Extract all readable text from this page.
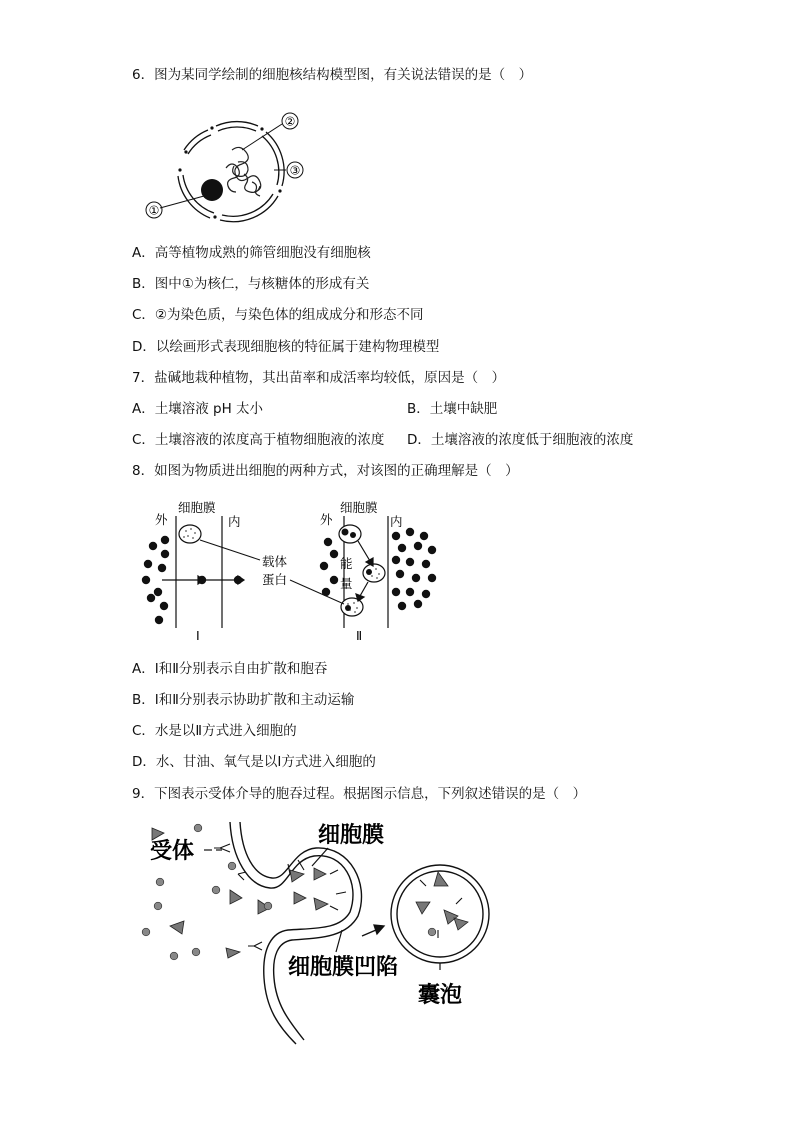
6．图为某同学绘制的细胞核结构模型图，有关说法错误的是（　）
①
②
③
A．高等植物成熟的筛管细胞没有细胞核
B．图中①为核仁，与核糖体的形成有关
C．②为染色质，与染色体的组成成分和形态不同
D．以绘画形式表现细胞核的特征属于建构物理模型
7．盐碱地栽种植物，其出苗率和成活率均较低，原因是（　）
A．土壤溶液 pH 太小	B．土壤中缺肥
C．土壤溶液的浓度高于植物细胞液的浓度 D．土壤溶液的浓度低于细胞液的浓度
8．如图为物质进出细胞的两种方式，对该图的正确理解是（　）
细胞膜
外	内
细胞膜
外	内
载体
蛋白
能
量
Ⅰ	Ⅱ
A．Ⅰ和Ⅱ分别表示自由扩散和胞吞
B．Ⅰ和Ⅱ分别表示协助扩散和主动运输
C．水是以Ⅱ方式进入细胞的
D．水、甘油、氧气是以Ⅰ方式进入细胞的
9．下图表示受体介导的胞吞过程。根据图示信息，下列叙述错误的是（　）
受体
细胞膜
细胞膜凹陷
囊泡
